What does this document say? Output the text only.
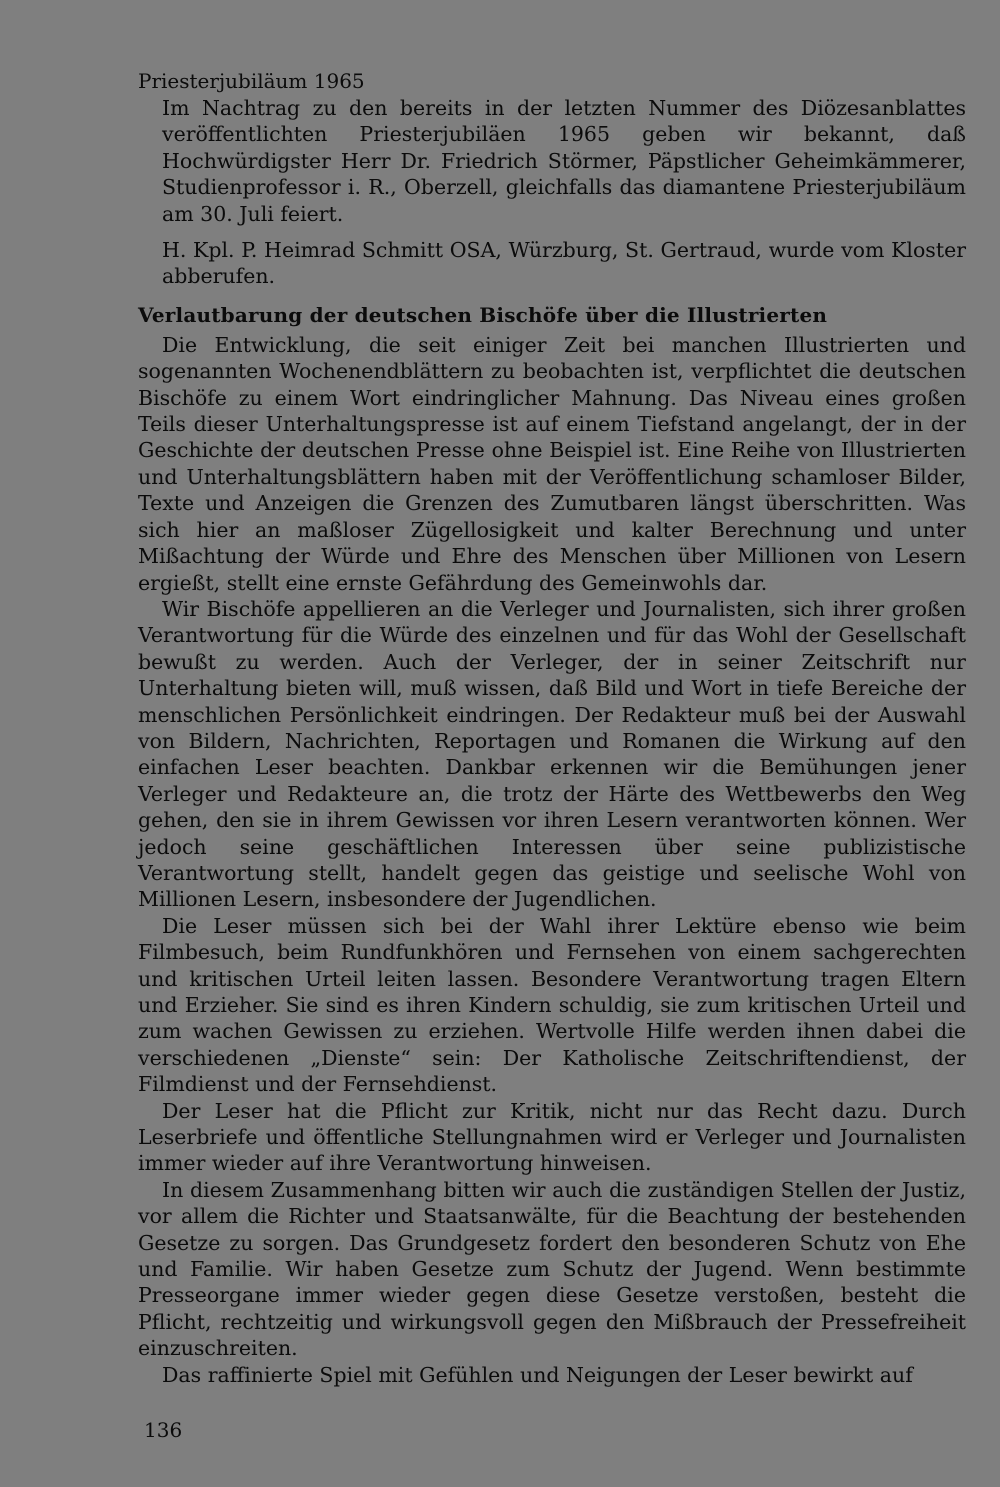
Priesterjubiläum 1965

Im Nachtrag zu den bereits in der letzten Nummer des Diözesanblattes veröffentlichten Priesterjubiläen 1965 geben wir bekannt, daß Hochwürdigster Herr Dr. Friedrich Störmer, Päpstlicher Geheimkämmerer, Studienprofessor i. R., Oberzell, gleichfalls das diamantene Priesterjubiläum am 30. Juli feiert.

H. Kpl. P. Heimrad Schmitt OSA, Würzburg, St. Gertraud, wurde vom Kloster abberufen.

Verlautbarung der deutschen Bischöfe über die Illustrierten

Die Entwicklung, die seit einiger Zeit bei manchen Illustrierten und sogenannten Wochenendblättern zu beobachten ist, verpflichtet die deutschen Bischöfe zu einem Wort eindringlicher Mahnung. Das Niveau eines großen Teils dieser Unterhaltungspresse ist auf einem Tiefstand angelangt, der in der Geschichte der deutschen Presse ohne Beispiel ist. Eine Reihe von Illustrierten und Unterhaltungsblättern haben mit der Veröffentlichung schamloser Bilder, Texte und Anzeigen die Grenzen des Zumutbaren längst überschritten. Was sich hier an maßloser Zügellosigkeit und kalter Berechnung und unter Mißachtung der Würde und Ehre des Menschen über Millionen von Lesern ergießt, stellt eine ernste Gefährdung des Gemeinwohls dar.

Wir Bischöfe appellieren an die Verleger und Journalisten, sich ihrer großen Verantwortung für die Würde des einzelnen und für das Wohl der Gesellschaft bewußt zu werden. Auch der Verleger, der in seiner Zeitschrift nur Unterhaltung bieten will, muß wissen, daß Bild und Wort in tiefe Bereiche der menschlichen Persönlichkeit eindringen. Der Redakteur muß bei der Auswahl von Bildern, Nachrichten, Reportagen und Romanen die Wirkung auf den einfachen Leser beachten. Dankbar erkennen wir die Bemühungen jener Verleger und Redakteure an, die trotz der Härte des Wettbewerbs den Weg gehen, den sie in ihrem Gewissen vor ihren Lesern verantworten können. Wer jedoch seine geschäftlichen Interessen über seine publizistische Verantwortung stellt, handelt gegen das geistige und seelische Wohl von Millionen Lesern, insbesondere der Jugendlichen.

Die Leser müssen sich bei der Wahl ihrer Lektüre ebenso wie beim Filmbesuch, beim Rundfunkhören und Fernsehen von einem sachgerechten und kritischen Urteil leiten lassen. Besondere Verantwortung tragen Eltern und Erzieher. Sie sind es ihren Kindern schuldig, sie zum kritischen Urteil und zum wachen Gewissen zu erziehen. Wertvolle Hilfe werden ihnen dabei die verschiedenen „Dienste“ sein: Der Katholische Zeitschriftendienst, der Filmdienst und der Fernsehdienst.

Der Leser hat die Pflicht zur Kritik, nicht nur das Recht dazu. Durch Leserbriefe und öffentliche Stellungnahmen wird er Verleger und Journalisten immer wieder auf ihre Verantwortung hinweisen.

In diesem Zusammenhang bitten wir auch die zuständigen Stellen der Justiz, vor allem die Richter und Staatsanwälte, für die Beachtung der bestehenden Gesetze zu sorgen. Das Grundgesetz fordert den besonderen Schutz von Ehe und Familie. Wir haben Gesetze zum Schutz der Jugend. Wenn bestimmte Presseorgane immer wieder gegen diese Gesetze verstoßen, besteht die Pflicht, rechtzeitig und wirkungsvoll gegen den Mißbrauch der Pressefreiheit einzuschreiten.

Das raffinierte Spiel mit Gefühlen und Neigungen der Leser bewirkt auf

136
